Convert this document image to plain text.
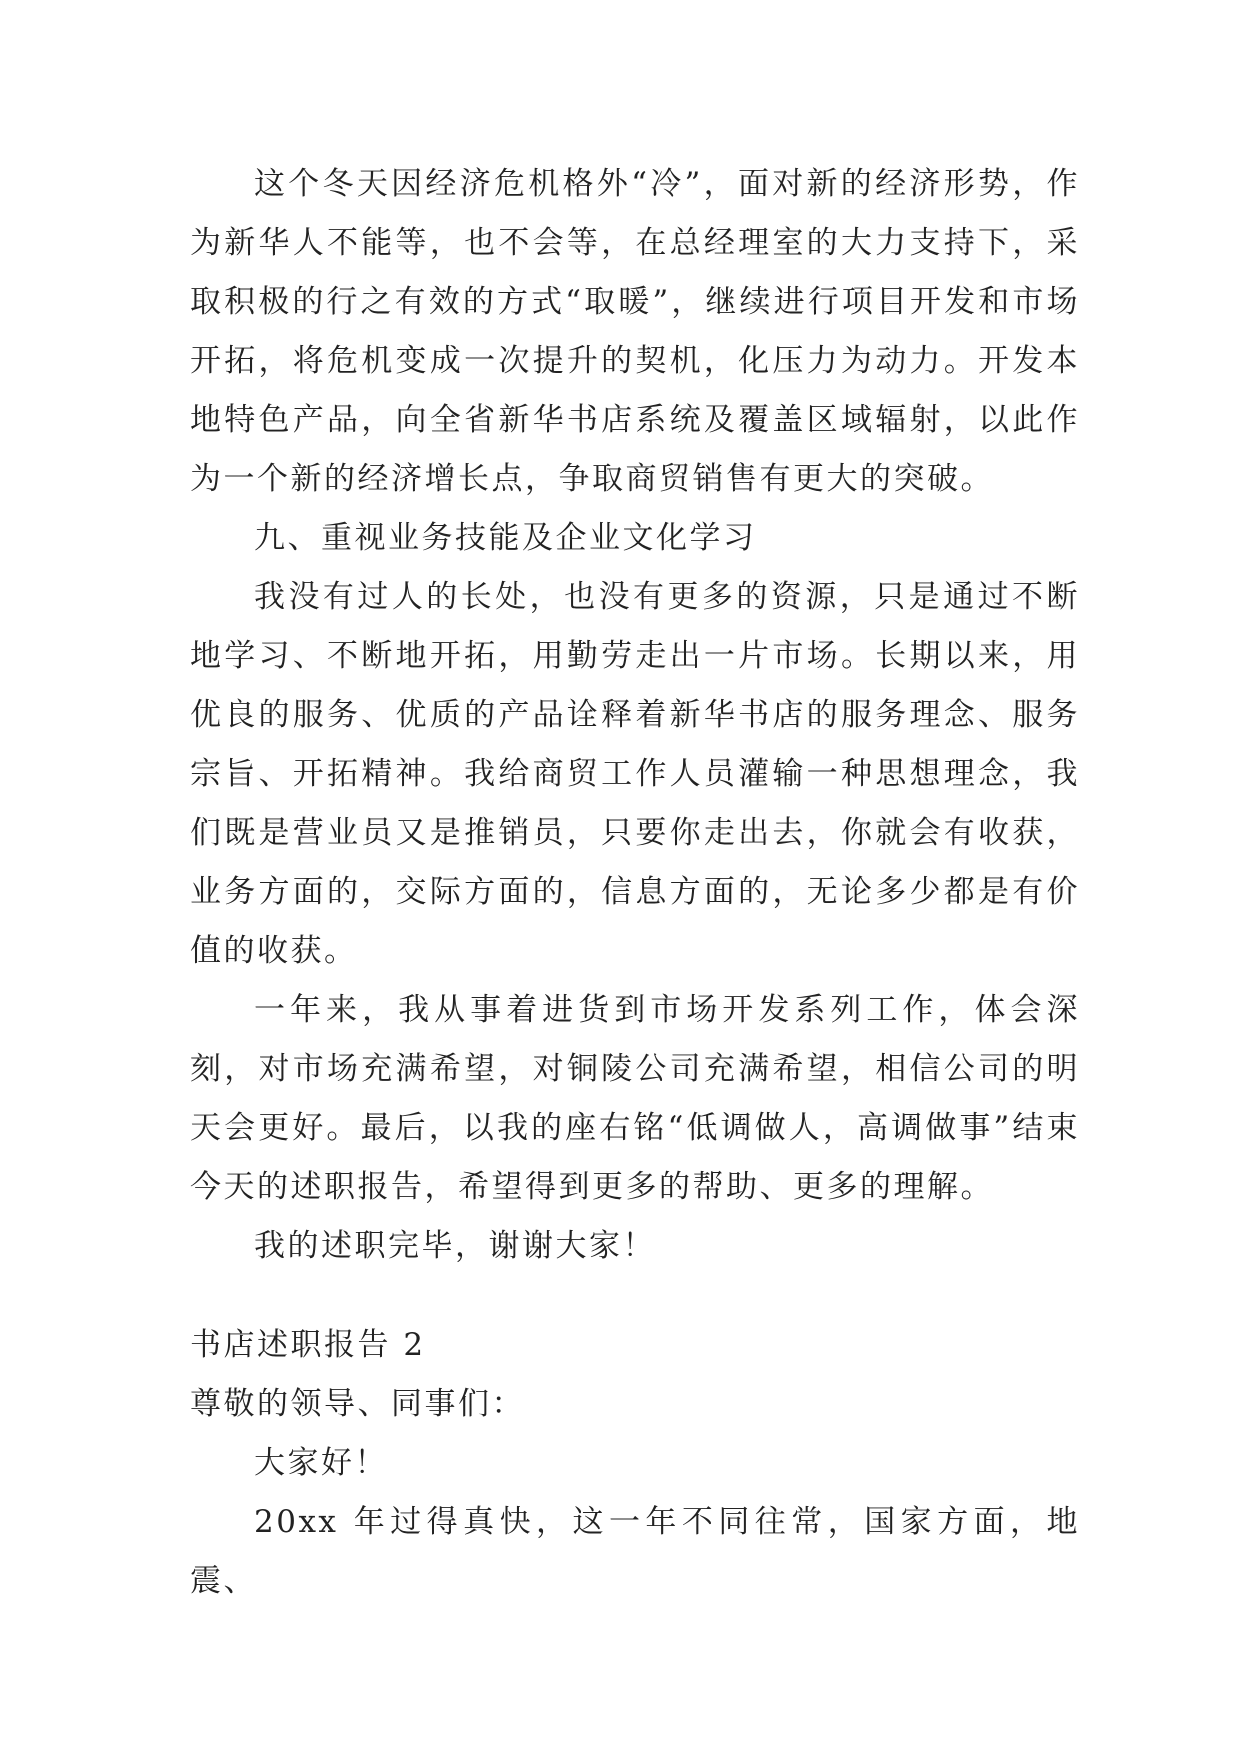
这个冬天因经济危机格外“冷”，面对新的经济形势，作为新华人不能等，也不会等，在总经理室的大力支持下，采取积极的行之有效的方式“取暖”，继续进行项目开发和市场开拓，将危机变成一次提升的契机，化压力为动力。开发本地特色产品，向全省新华书店系统及覆盖区域辐射，以此作为一个新的经济增长点，争取商贸销售有更大的突破。

九、重视业务技能及企业文化学习

我没有过人的长处，也没有更多的资源，只是通过不断地学习、不断地开拓，用勤劳走出一片市场。长期以来，用优良的服务、优质的产品诠释着新华书店的服务理念、服务宗旨、开拓精神。我给商贸工作人员灌输一种思想理念，我们既是营业员又是推销员，只要你走出去，你就会有收获，业务方面的，交际方面的，信息方面的，无论多少都是有价值的收获。

一年来，我从事着进货到市场开发系列工作，体会深刻，对市场充满希望，对铜陵公司充满希望，相信公司的明天会更好。最后，以我的座右铭“低调做人，高调做事”结束今天的述职报告，希望得到更多的帮助、更多的理解。

我的述职完毕，谢谢大家！

书店述职报告 2

尊敬的领导、同事们：

大家好！

20xx 年过得真快，这一年不同往常，国家方面，地震、
